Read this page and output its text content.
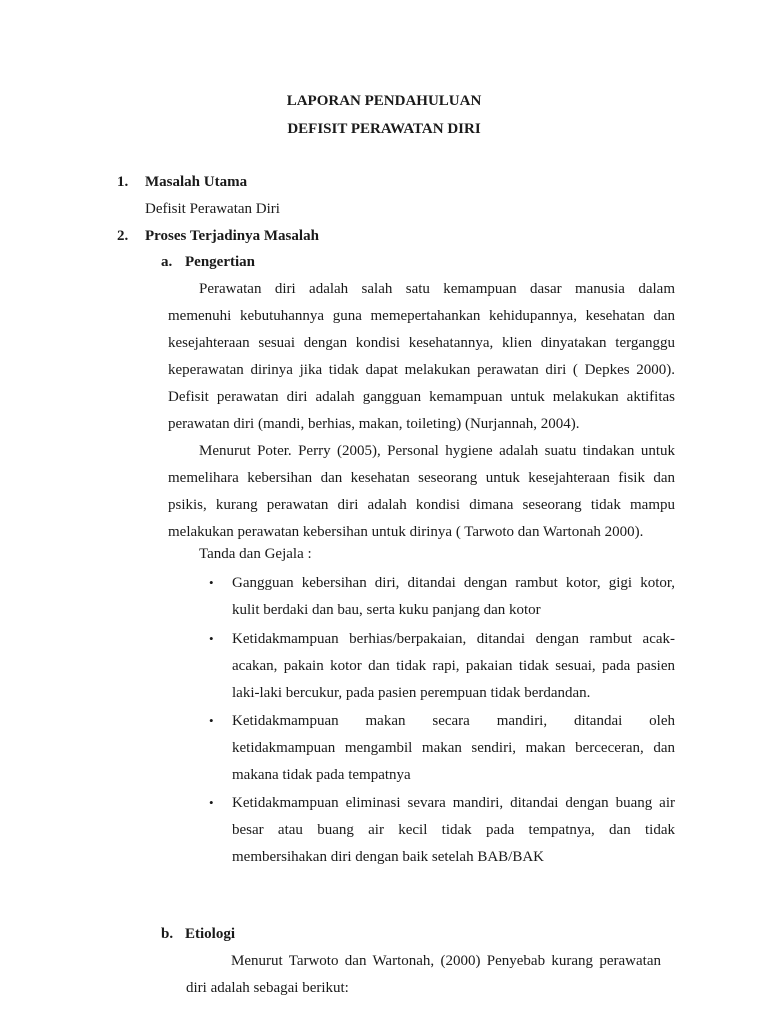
LAPORAN PENDAHULUAN
DEFISIT PERAWATAN DIRI
1. Masalah Utama
Defisit Perawatan Diri
2. Proses Terjadinya Masalah
a. Pengertian
Perawatan diri adalah salah satu kemampuan dasar manusia dalam
memenuhi kebutuhannya guna memepertahankan kehidupannya, kesehatan dan
kesejahteraan sesuai dengan kondisi kesehatannya, klien dinyatakan terganggu
keperawatan dirinya jika tidak dapat melakukan perawatan diri ( Depkes 2000).
Defisit perawatan diri adalah gangguan kemampuan untuk melakukan aktifitas
perawatan diri (mandi, berhias, makan, toileting) (Nurjannah, 2004).
Menurut Poter. Perry (2005), Personal hygiene adalah suatu tindakan untuk
memelihara kebersihan dan kesehatan seseorang untuk kesejahteraan fisik dan
psikis, kurang perawatan diri adalah kondisi dimana seseorang tidak mampu
melakukan perawatan kebersihan untuk dirinya ( Tarwoto dan Wartonah 2000).
Tanda dan Gejala :
• Gangguan kebersihan diri, ditandai dengan rambut kotor, gigi kotor,
kulit berdaki dan bau, serta kuku panjang dan kotor
• Ketidakmampuan berhias/berpakaian, ditandai dengan rambut acak-
acakan, pakain kotor dan tidak rapi, pakaian tidak sesuai, pada pasien
laki-laki bercukur, pada pasien perempuan tidak berdandan.
• Ketidakmampuan makan secara mandiri, ditandai oleh
ketidakmampuan mengambil makan sendiri, makan berceceran, dan
makana tidak pada tempatnya
• Ketidakmampuan eliminasi sevara mandiri, ditandai dengan buang air
besar atau buang air kecil tidak pada tempatnya, dan tidak
membersihakan diri dengan baik setelah BAB/BAK
b. Etiologi
Menurut Tarwoto dan Wartonah, (2000) Penyebab kurang perawatan
diri adalah sebagai berikut:
